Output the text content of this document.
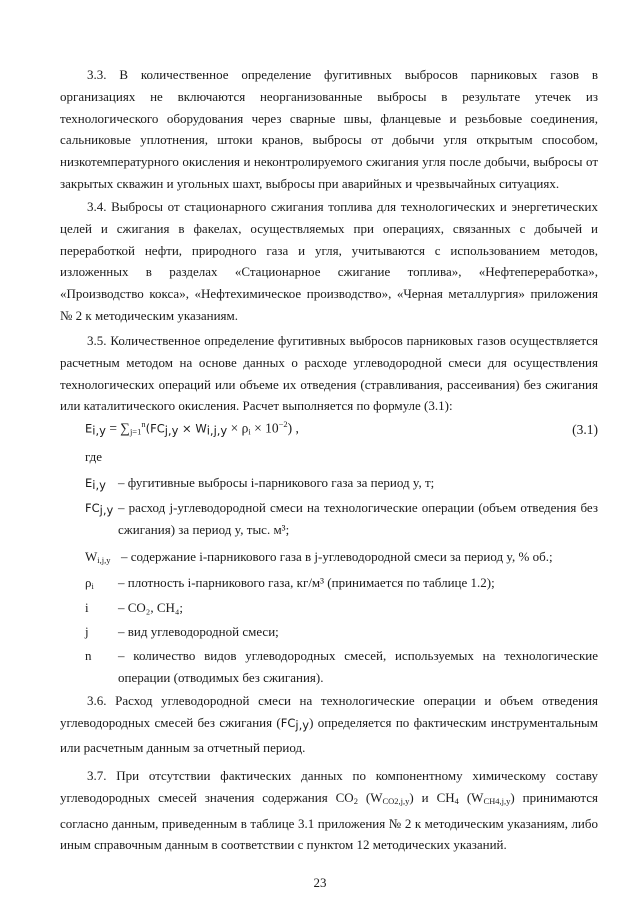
3.3. В количественное определение фугитивных выбросов парниковых газов в организациях не включаются неорганизованные выбросы в результате утечек из технологического оборудования через сварные швы, фланцевые и резьбовые соединения, сальниковые уплотнения, штоки кранов, выбросы от добычи угля открытым способом, низкотемпературного окисления и неконтролируемого сжигания угля после добычи, выбросы от закрытых скважин и угольных шахт, выбросы при аварийных и чрезвычайных ситуациях.

3.4. Выбросы от стационарного сжигания топлива для технологических и энергетических целей и сжигания в факелах, осуществляемых при операциях, связанных с добычей и переработкой нефти, природного газа и угля, учитываются с использованием методов, изложенных в разделах «Стационарное сжигание топлива», «Нефтепереработка», «Производство кокса», «Нефтехимическое производство», «Черная металлургия» приложения № 2 к методическим указаниям.

3.5. Количественное определение фугитивных выбросов парниковых газов осуществляется расчетным методом на основе данных о расходе углеводородной смеси для осуществления технологических операций или объеме их отведения (стравливания, рассеивания) без сжигания или каталитического окисления. Расчет выполняется по формуле (3.1):

$E_{i,y} = \sum_{j=1}^n(FC_{j,y} \times W_{i,j,y} \times \rho_i \times 10^{-2})$ ,	(3.1)
где
$E_{i,y}$ – фугитивные выбросы i-парникового газа за период y, т;
$FC_{j,y}$ – расход j-углеводородной смеси на технологические операции (объем отведения без сжигания) за период y, тыс. м³;
$W_{i,j,y}$ – содержание i-парникового газа в j-углеводородной смеси за период y, % об.;
$\rho_i$ – плотность i-парникового газа, кг/м³ (принимается по таблице 1.2);
i – CO₂, CH₄;
j – вид углеводородной смеси;
n – количество видов углеводородных смесей, используемых на технологические операции (отводимых без сжигания).

3.6. Расход углеводородной смеси на технологические операции и объем отведения углеводородных смесей без сжигания $(FC_{j,y})$ определяется по фактическим инструментальным или расчетным данным за отчетный период.

3.7. При отсутствии фактических данных по компонентному химическому составу углеводородных смесей значения содержания $CO_2$ $(W_{CO2,j,y})$ и $CH_4$ $(W_{CH4,j,y})$ принимаются согласно данным, приведенным в таблице 3.1 приложения № 2 к методическим указаниям, либо иным справочным данным в соответствии с пунктом 12 методических указаний.

23
